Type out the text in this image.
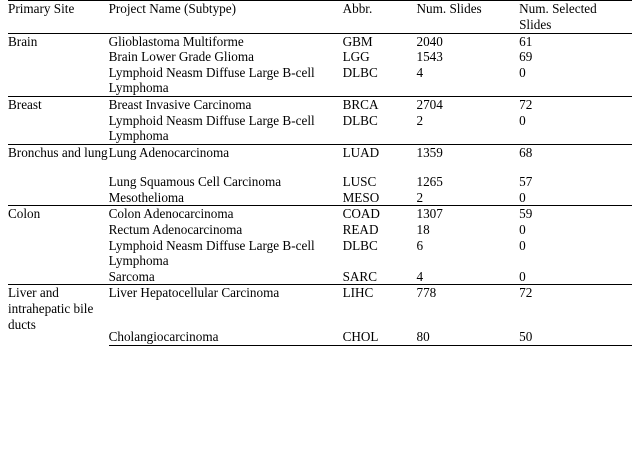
Primary Site	Project Name (Subtype)	Abbr.	Num. Slides	Num. Selected Slides
Brain	Glioblastoma Multiforme	GBM	2040	61
	Brain Lower Grade Glioma	LGG	1543	69
	Lymphoid Neasm Diffuse Large B-cell Lymphoma	DLBC	4	0
Breast	Breast Invasive Carcinoma	BRCA	2704	72
	Lymphoid Neasm Diffuse Large B-cell Lymphoma	DLBC	2	0
Bronchus and lung	Lung Adenocarcinoma	LUAD	1359	68
	Lung Squamous Cell Carcinoma	LUSC	1265	57
	Mesothelioma	MESO	2	0
Colon	Colon Adenocarcinoma	COAD	1307	59
	Rectum Adenocarcinoma	READ	18	0
	Lymphoid Neasm Diffuse Large B-cell Lymphoma	DLBC	6	0
	Sarcoma	SARC	4	0
Liver and intrahepatic bile ducts	Liver Hepatocellular Carcinoma	LIHC	778	72
	Cholangiocarcinoma	CHOL	80	50
